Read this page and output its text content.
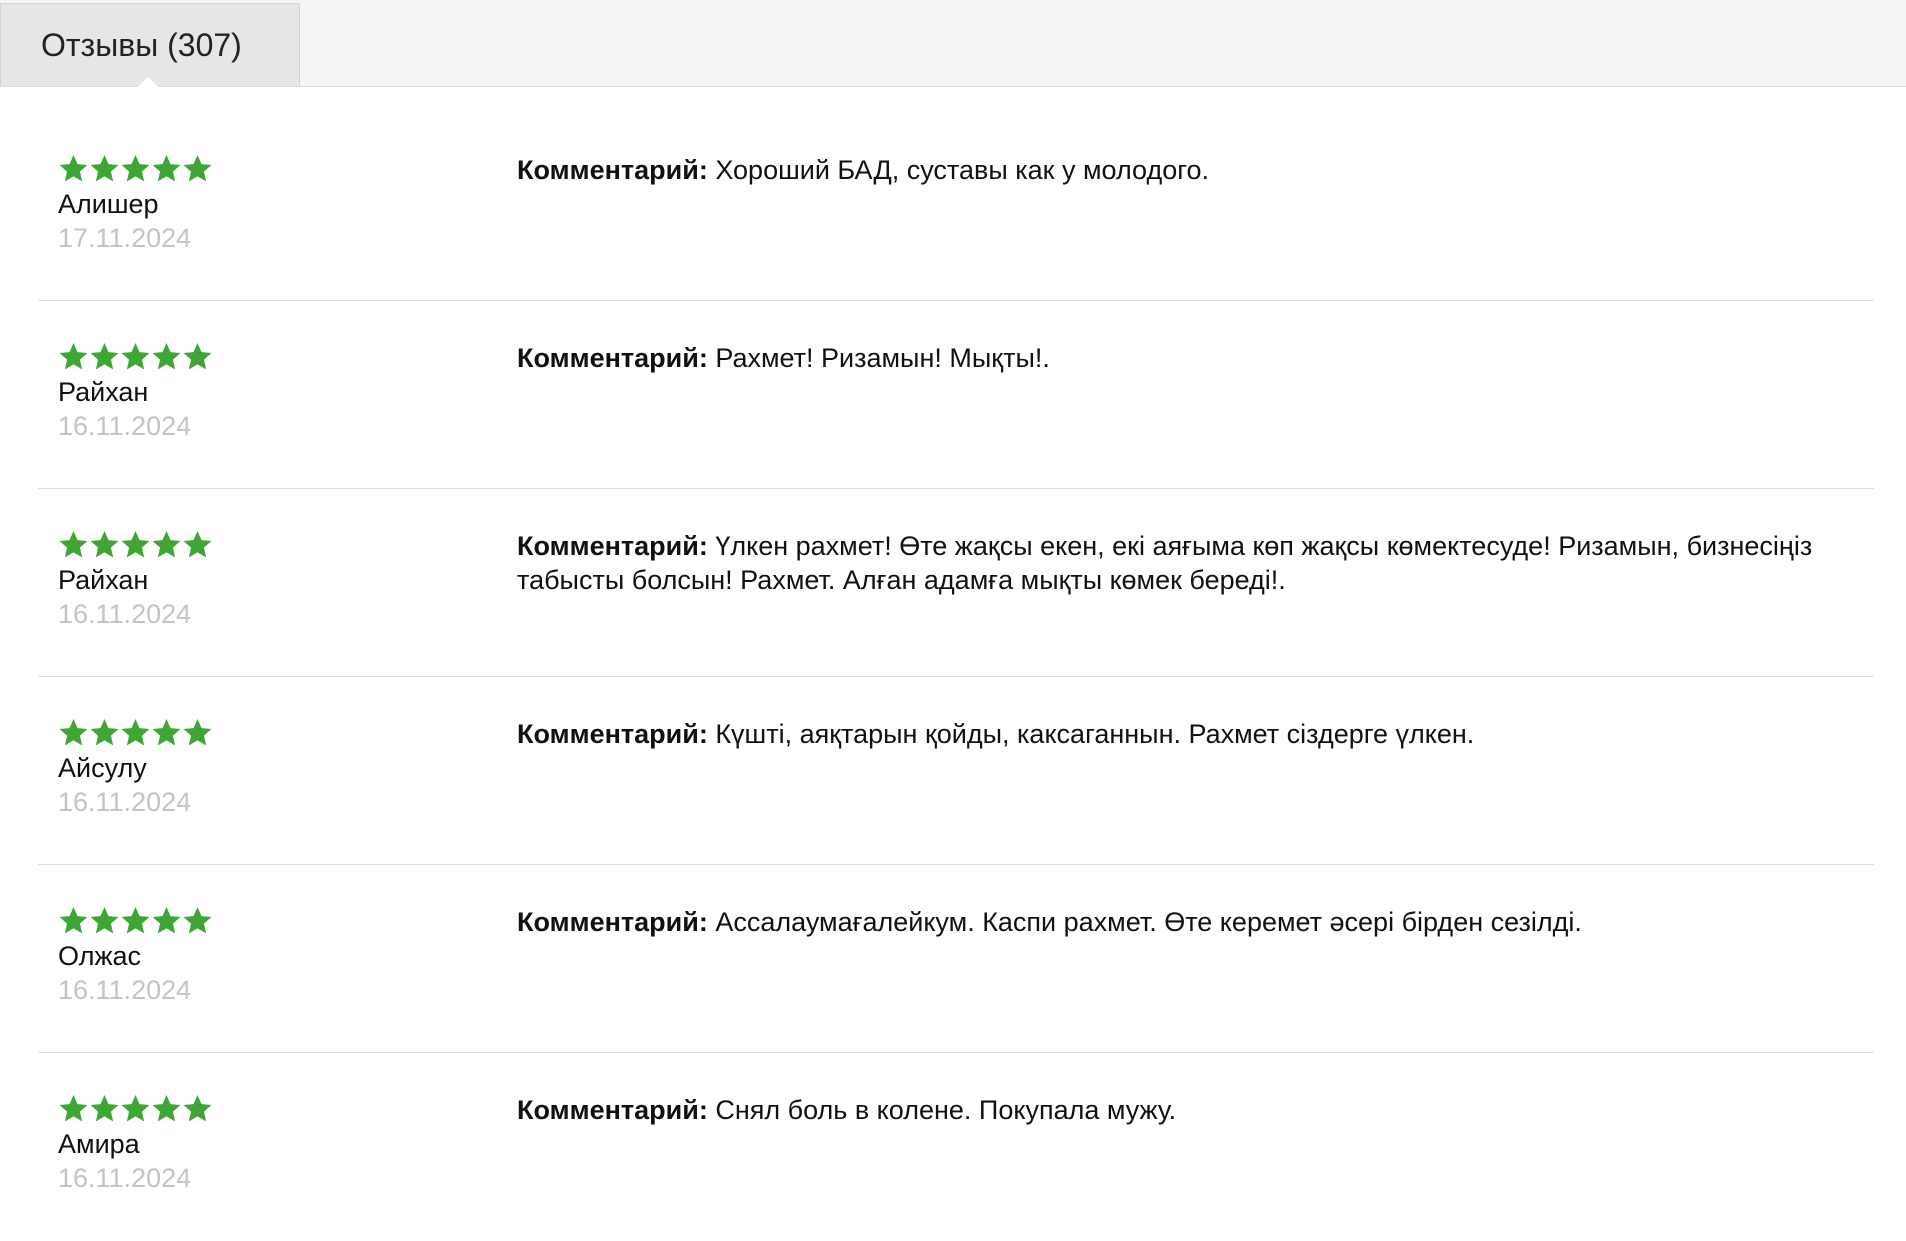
Отзывы (307)
Алишер
17.11.2024
Комментарий: Хороший БАД, суставы как у молодого.
Райхан
16.11.2024
Комментарий: Рахмет! Ризамын! Мықты!.
Райхан
16.11.2024
Комментарий: Үлкен рахмет! Өте жақсы екен, екі аяғыма көп жақсы көмектесуде! Ризамын, бизнесіңіз табысты болсын! Рахмет. Алған адамға мықты көмек береді!.
Айсулу
16.11.2024
Комментарий: Күшті, аяқтарын қойды, каксаганнын. Рахмет сіздерге үлкен.
Олжас
16.11.2024
Комментарий: Ассалаумағалейкум. Каспи рахмет. Өте керемет әсері бірден сезілді.
Амира
16.11.2024
Комментарий: Снял боль в колене. Покупала мужу.
